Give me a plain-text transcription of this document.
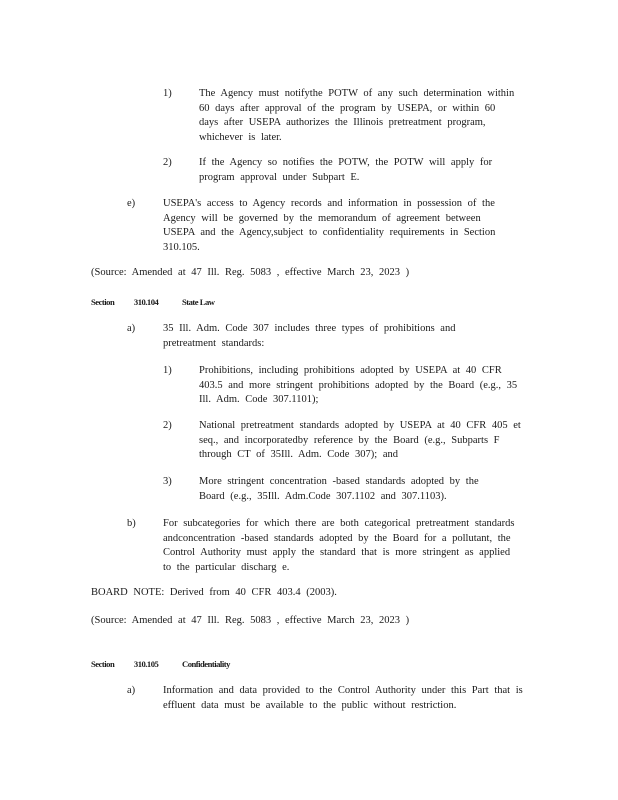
1)	The Agency must notifythe POTW of any such determination within 60 days after approval of the program by USEPA, or within 60 days after USEPA authorizes the Illinois pretreatment program, whichever is later.

2)	If the Agency so notifies the POTW, the POTW will apply for program approval under Subpart E.

e)	USEPA's access to Agency records and information in possession of the Agency will be governed by the memorandum of agreement between USEPA and the Agency,subject to confidentiality requirements in Section 310.105.

(Source: Amended at 47 Ill. Reg. 5083 , effective March 23, 2023 )

Section 310.104	State Law
a)	35 Ill. Adm. Code 307 includes three types of prohibitions and pretreatment standards:

1)	Prohibitions, including prohibitions adopted by USEPA at 40 CFR 403.5 and more stringent prohibitions adopted by the Board (e.g., 35 Ill. Adm. Code 307.1101);

2)	National pretreatment standards adopted by USEPA at 40 CFR 405 et seq., and incorporatedby reference by the Board (e.g., Subparts F through CT of 35Ill. Adm. Code 307); and

3)	More stringent concentration -based standards adopted by the Board (e.g., 35Ill. Adm.Code 307.1102 and 307.1103).

b)	For subcategories for which there are both categorical pretreatment standards andconcentration -based standards adopted by the Board for a pollutant, the Control Authority must apply the standard that is more stringent as applied to the particular discharg e.

BOARD NOTE: Derived from 40 CFR 403.4 (2003).

(Source: Amended at 47 Ill. Reg. 5083 , effective March 23, 2023 )

Section 310.105	Confidentiality
a)	Information and data provided to the Control Authority under this Part that is effluent data must be available to the public without restriction.
